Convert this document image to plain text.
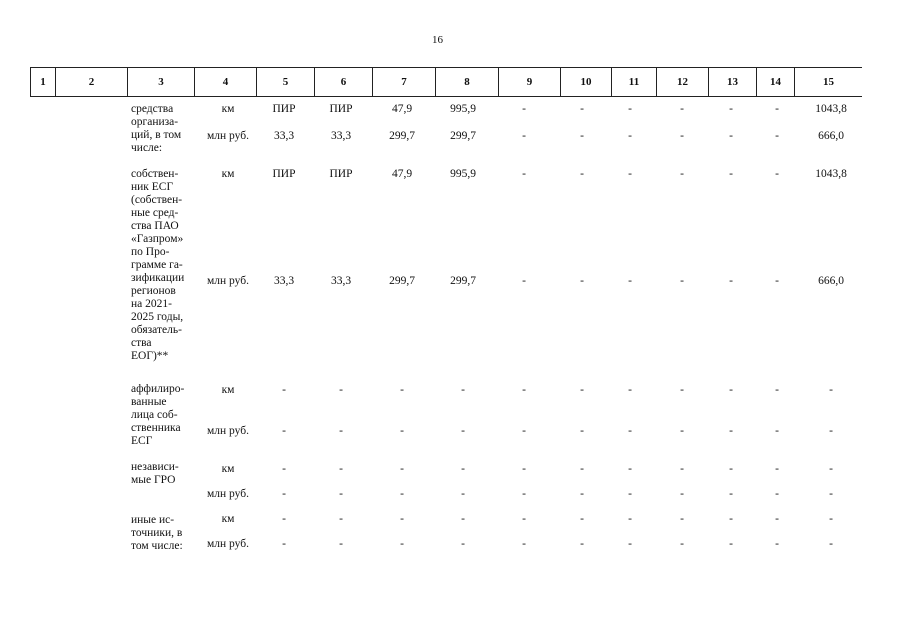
16
1	2	3	4	5	6	7	8	9	10	11	12	13	14	15
средства
организа-
ций, в том
числе:
км	ПИР	ПИР	47,9	995,9	-	-	-	-	-	-	1043,8
млн руб.	33,3	33,3	299,7	299,7	-	-	-	-	-	-	666,0
собствен-
ник ЕСГ
(собствен-
ные сред-
ства ПАО
«Газпром»
по Про-
грамме га-
зификации
регионов
на 2021-
2025 годы,
обязатель-
ства
ЕОГ)**
км	ПИР	ПИР	47,9	995,9	-	-	-	-	-	-	1043,8
млн руб.	33,3	33,3	299,7	299,7	-	-	-	-	-	-	666,0
аффилиро-
ванные
лица соб-
ственника
ЕСГ
км	-	-	-	-	-	-	-	-	-	-	-
млн руб.	-	-	-	-	-	-	-	-	-	-	-
независи-
мые ГРО
км	-	-	-	-	-	-	-	-	-	-	-
млн руб.	-	-	-	-	-	-	-	-	-	-	-
иные ис-
точники, в
том числе:
км	-	-	-	-	-	-	-	-	-	-	-
млн руб.	-	-	-	-	-	-	-	-	-	-	-
